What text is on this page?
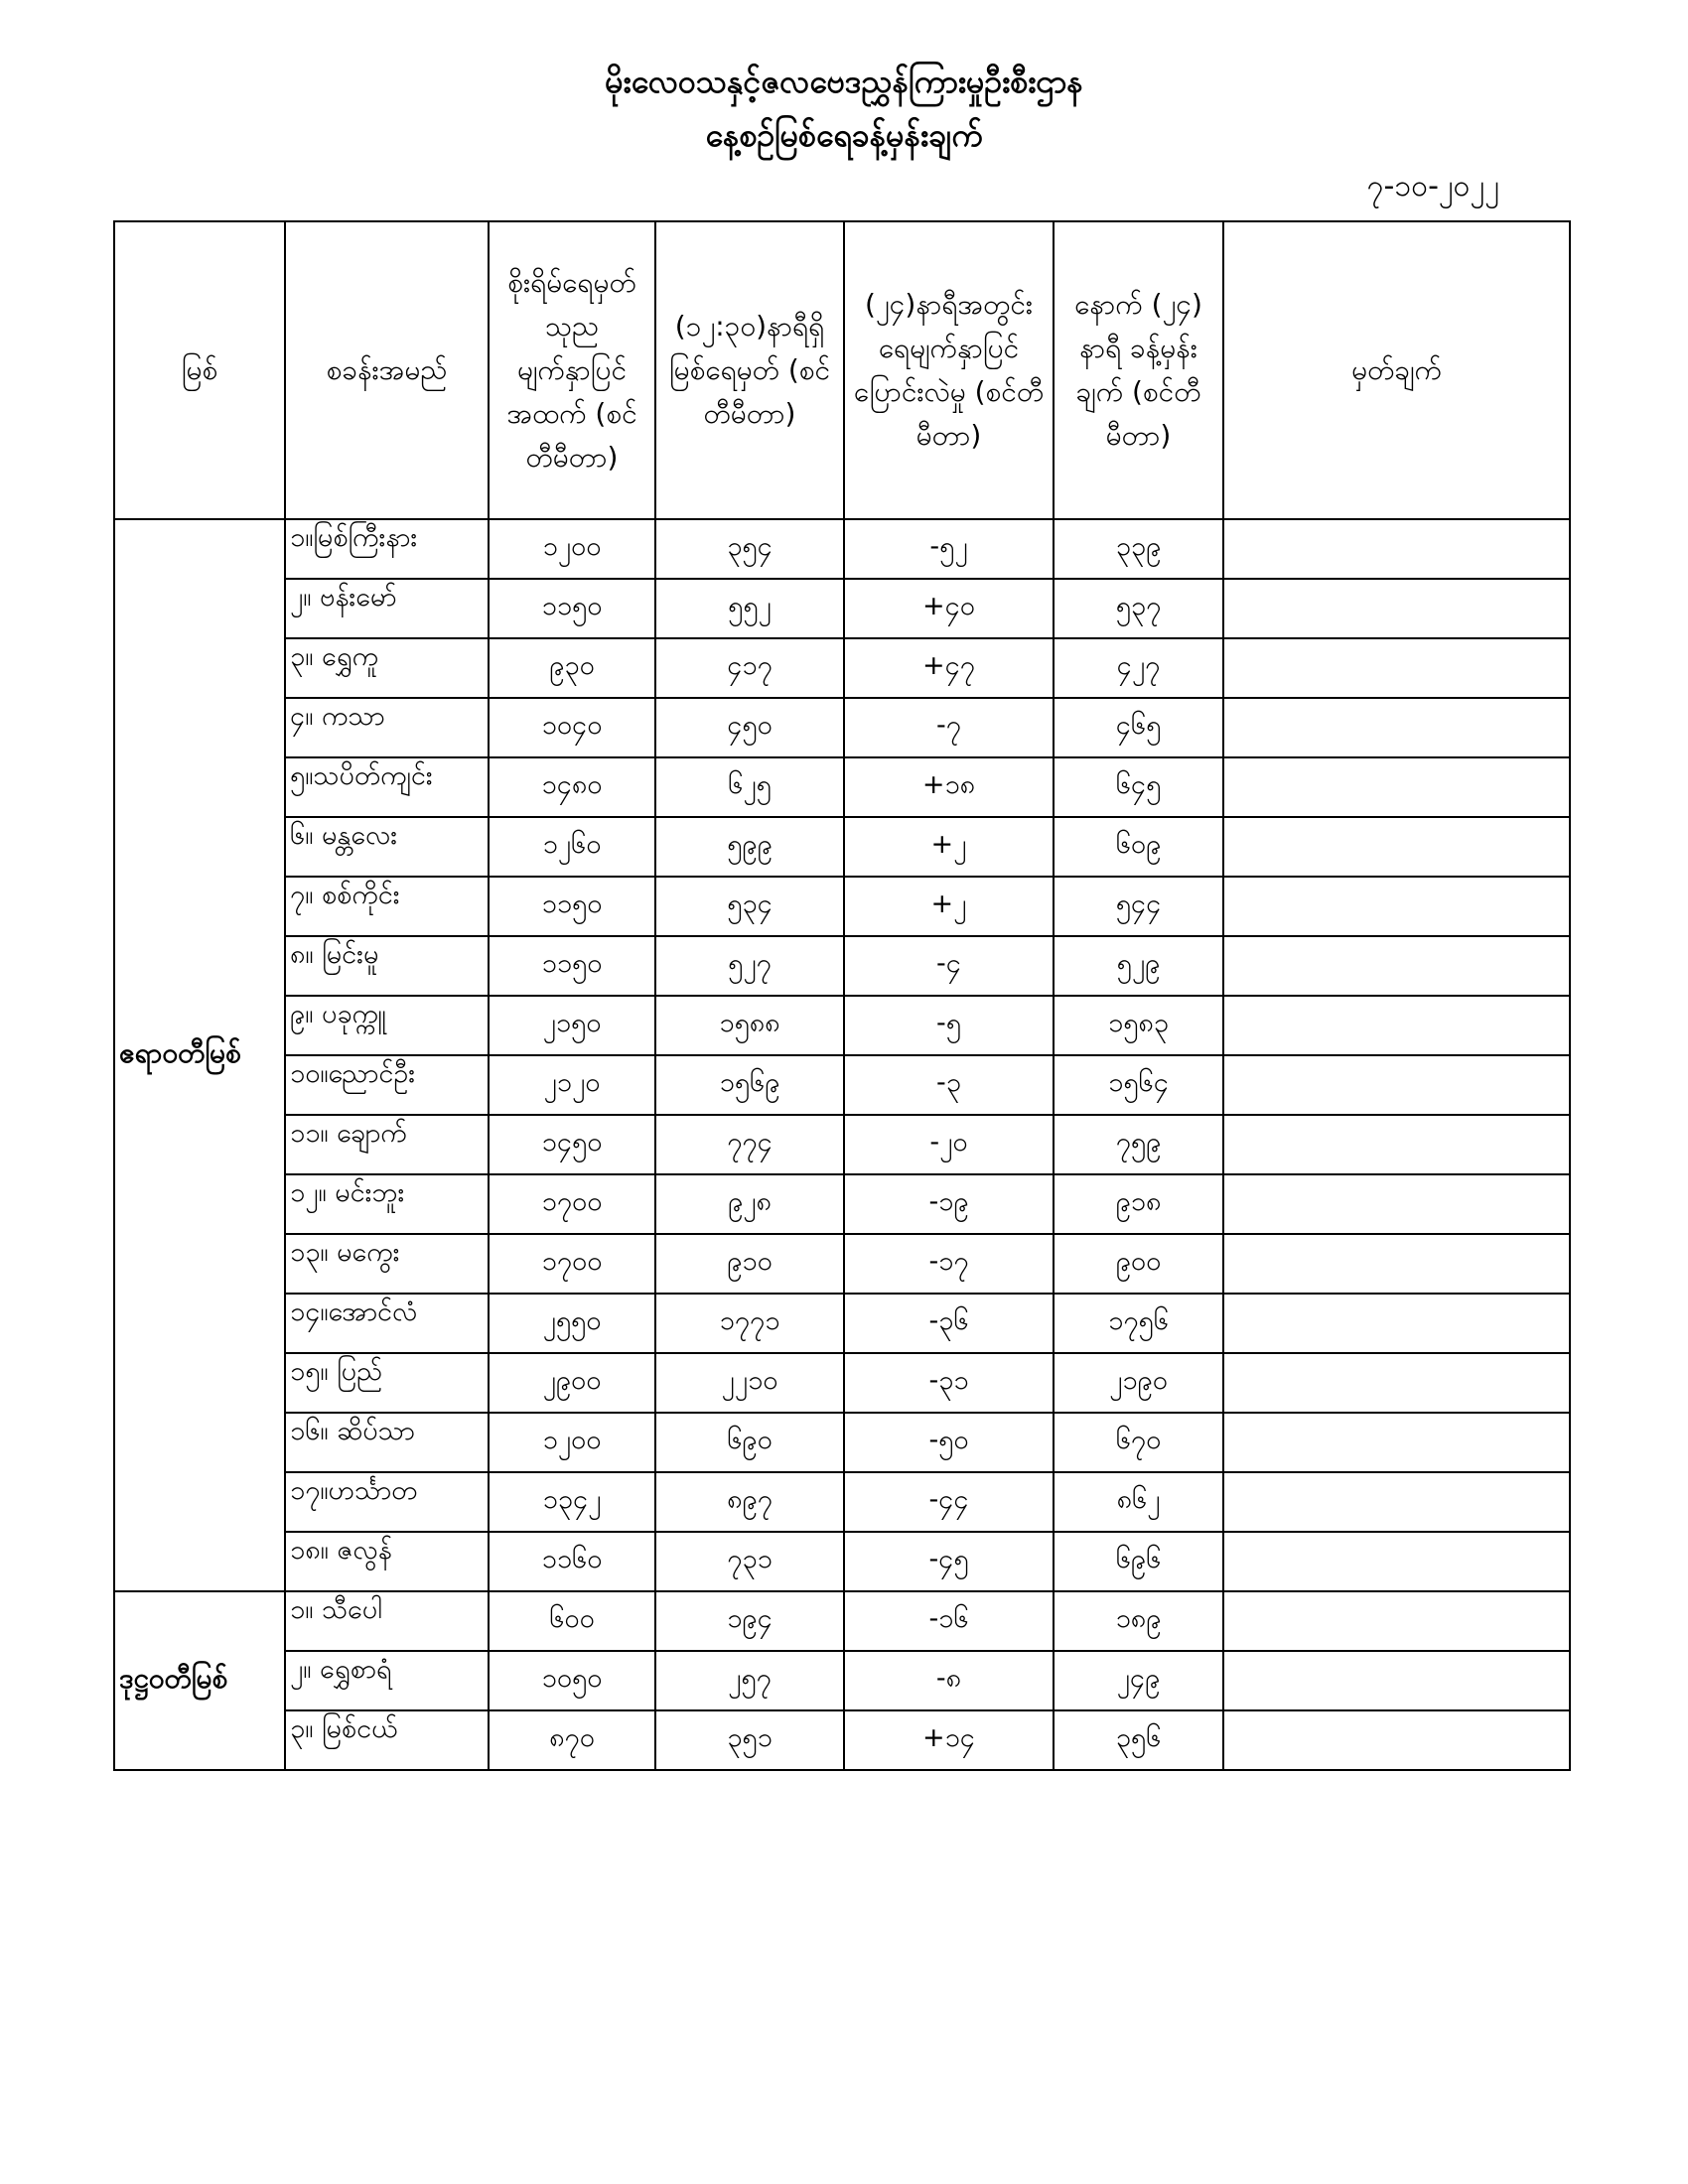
မိုးလေဝသနှင့်ဇလဗေဒညွှန်ကြားမှုဦးစီးဌာန
နေ့စဉ်မြစ်ရေခန့်မှန်းချက်
၇-၁၀-၂၀၂၂
မြစ်	စခန်းအမည်	စိုးရိမ်ရေမှတ် သုည မျက်နှာပြင် အထက် (စင်တီမီတာ)	(၁၂:၃၀)နာရီရှိ မြစ်ရေမှတ် (စင်တီမီတာ)	(၂၄)နာရီအတွင်း ရေမျက်နှာပြင် ပြောင်းလဲမှု (စင်တီမီတာ)	နောက် (၂၄) နာရီ ခန့်မှန်းချက် (စင်တီမီတာ)	မှတ်ချက်
ဧရာဝတီမြစ်	၁။မြစ်ကြီးနား	၁၂၀၀	၃၅၄	-၅၂	၃၃၉	
	၂။ ဗန်းမော်	၁၁၅၀	၅၅၂	+၄၀	၅၃၇	
	၃။ ရွှေကူ	၉၃၀	၄၁၇	+၄၇	၄၂၇	
	၄။ ကသာ	၁၀၄၀	၄၅၀	-၇	၄၆၅	
	၅။သပိတ်ကျင်း	၁၄၈၀	၆၂၅	+၁၈	၆၄၅	
	၆။ မန္တလေး	၁၂၆၀	၅၉၉	+၂	၆၀၉	
	၇။ စစ်ကိုင်း	၁၁၅၀	၅၃၄	+၂	၅၄၄	
	၈။ မြင်းမူ	၁၁၅၀	၅၂၇	-၄	၅၂၉	
	၉။ ပခုက္ကူ	၂၁၅၀	၁၅၈၈	-၅	၁၅၈၃	
	၁၀။ညောင်ဦး	၂၁၂၀	၁၅၆၉	-၃	၁၅၆၄	
	၁၁။ ချောက်	၁၄၅၀	၇၇၄	-၂၀	၇၅၉	
	၁၂။ မင်းဘူး	၁၇၀၀	၉၂၈	-၁၉	၉၁၈	
	၁၃။ မကွေး	၁၇၀၀	၉၁၀	-၁၇	၉၀၀	
	၁၄။အောင်လံ	၂၅၅၀	၁၇၇၁	-၃၆	၁၇၅၆	
	၁၅။ ပြည်	၂၉၀၀	၂၂၁၀	-၃၁	၂၁၉၀	
	၁၆။ ဆိပ်သာ	၁၂၀၀	၆၉၀	-၅၀	၆၇၀	
	၁၇။ဟင်္သာတ	၁၃၄၂	၈၉၇	-၄၄	၈၆၂	
	၁၈။ ဇလွန်	၁၁၆၀	၇၃၁	-၄၅	၆၉၆	
ဒုဋ္ဌဝတီမြစ်	၁။ သီပေါ	၆၀၀	၁၉၄	-၁၆	၁၈၉	
	၂။ ရွှေစာရံ	၁၀၅၀	၂၅၇	-၈	၂၄၉	
	၃။ မြစ်ငယ်	၈၇၀	၃၅၁	+၁၄	၃၅၆	
